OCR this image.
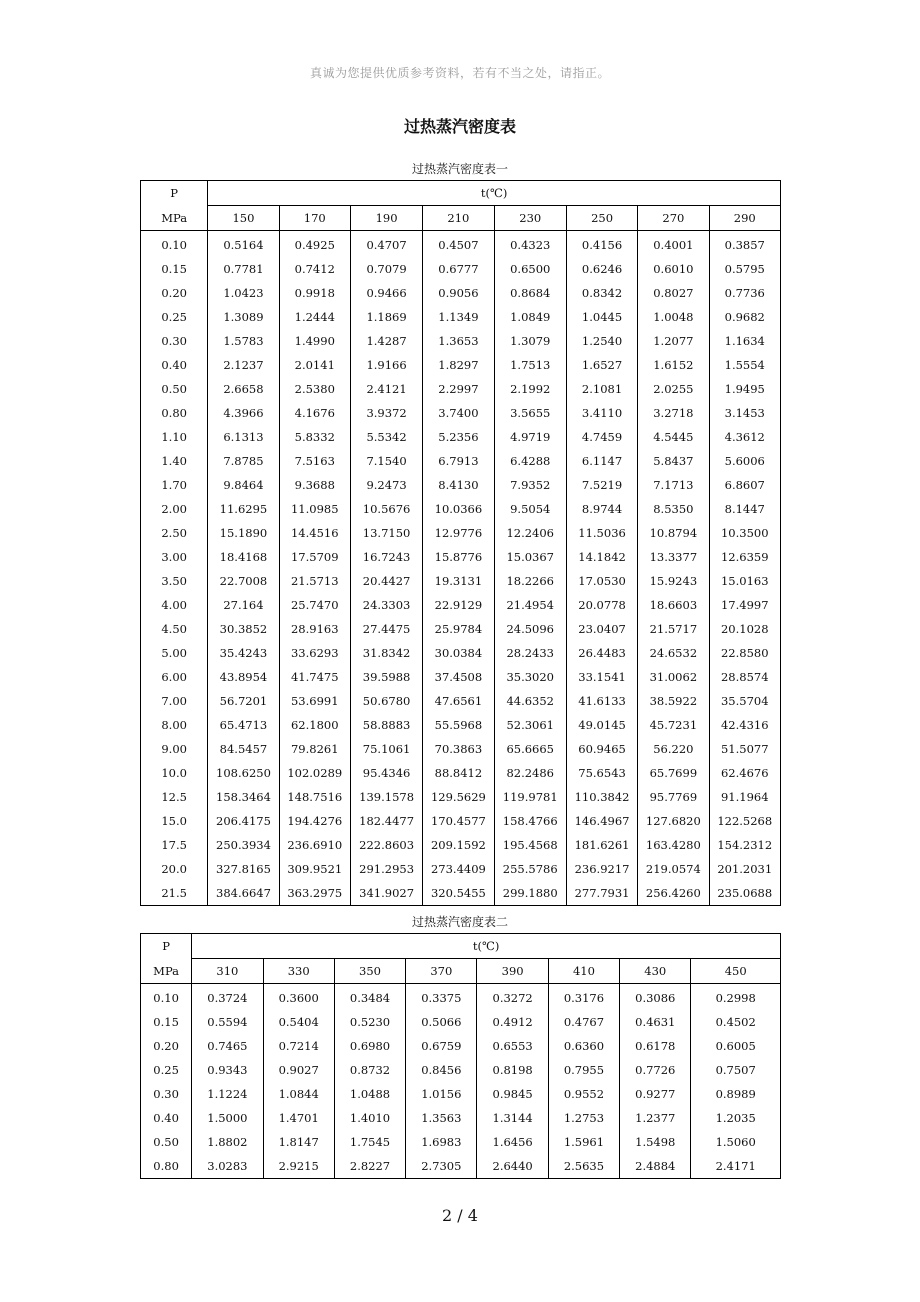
真诚为您提供优质参考资料，若有不当之处，请指正。
过热蒸汽密度表
过热蒸汽密度表一
P	t(℃)							
MPa	150	170	190	210	230	250	270	290
0.10	0.5164	0.4925	0.4707	0.4507	0.4323	0.4156	0.4001	0.3857
0.15	0.7781	0.7412	0.7079	0.6777	0.6500	0.6246	0.6010	0.5795
0.20	1.0423	0.9918	0.9466	0.9056	0.8684	0.8342	0.8027	0.7736
0.25	1.3089	1.2444	1.1869	1.1349	1.0849	1.0445	1.0048	0.9682
0.30	1.5783	1.4990	1.4287	1.3653	1.3079	1.2540	1.2077	1.1634
0.40	2.1237	2.0141	1.9166	1.8297	1.7513	1.6527	1.6152	1.5554
0.50	2.6658	2.5380	2.4121	2.2997	2.1992	2.1081	2.0255	1.9495
0.80	4.3966	4.1676	3.9372	3.7400	3.5655	3.4110	3.2718	3.1453
1.10	6.1313	5.8332	5.5342	5.2356	4.9719	4.7459	4.5445	4.3612
1.40	7.8785	7.5163	7.1540	6.7913	6.4288	6.1147	5.8437	5.6006
1.70	9.8464	9.3688	9.2473	8.4130	7.9352	7.5219	7.1713	6.8607
2.00	11.6295	11.0985	10.5676	10.0366	9.5054	8.9744	8.5350	8.1447
2.50	15.1890	14.4516	13.7150	12.9776	12.2406	11.5036	10.8794	10.3500
3.00	18.4168	17.5709	16.7243	15.8776	15.0367	14.1842	13.3377	12.6359
3.50	22.7008	21.5713	20.4427	19.3131	18.2266	17.0530	15.9243	15.0163
4.00	27.164	25.7470	24.3303	22.9129	21.4954	20.0778	18.6603	17.4997
4.50	30.3852	28.9163	27.4475	25.9784	24.5096	23.0407	21.5717	20.1028
5.00	35.4243	33.6293	31.8342	30.0384	28.2433	26.4483	24.6532	22.8580
6.00	43.8954	41.7475	39.5988	37.4508	35.3020	33.1541	31.0062	28.8574
7.00	56.7201	53.6991	50.6780	47.6561	44.6352	41.6133	38.5922	35.5704
8.00	65.4713	62.1800	58.8883	55.5968	52.3061	49.0145	45.7231	42.4316
9.00	84.5457	79.8261	75.1061	70.3863	65.6665	60.9465	56.220	51.5077
10.0	108.6250	102.0289	95.4346	88.8412	82.2486	75.6543	65.7699	62.4676
12.5	158.3464	148.7516	139.1578	129.5629	119.9781	110.3842	95.7769	91.1964
15.0	206.4175	194.4276	182.4477	170.4577	158.4766	146.4967	127.6820	122.5268
17.5	250.3934	236.6910	222.8603	209.1592	195.4568	181.6261	163.4280	154.2312
20.0	327.8165	309.9521	291.2953	273.4409	255.5786	236.9217	219.0574	201.2031
21.5	384.6647	363.2975	341.9027	320.5455	299.1880	277.7931	256.4260	235.0688
过热蒸汽密度表二
P	t(℃)							
MPa	310	330	350	370	390	410	430	450
0.10	0.3724	0.3600	0.3484	0.3375	0.3272	0.3176	0.3086	0.2998
0.15	0.5594	0.5404	0.5230	0.5066	0.4912	0.4767	0.4631	0.4502
0.20	0.7465	0.7214	0.6980	0.6759	0.6553	0.6360	0.6178	0.6005
0.25	0.9343	0.9027	0.8732	0.8456	0.8198	0.7955	0.7726	0.7507
0.30	1.1224	1.0844	1.0488	1.0156	0.9845	0.9552	0.9277	0.8989
0.40	1.5000	1.4701	1.4010	1.3563	1.3144	1.2753	1.2377	1.2035
0.50	1.8802	1.8147	1.7545	1.6983	1.6456	1.5961	1.5498	1.5060
0.80	3.0283	2.9215	2.8227	2.7305	2.6440	2.5635	2.4884	2.4171
2 / 4
